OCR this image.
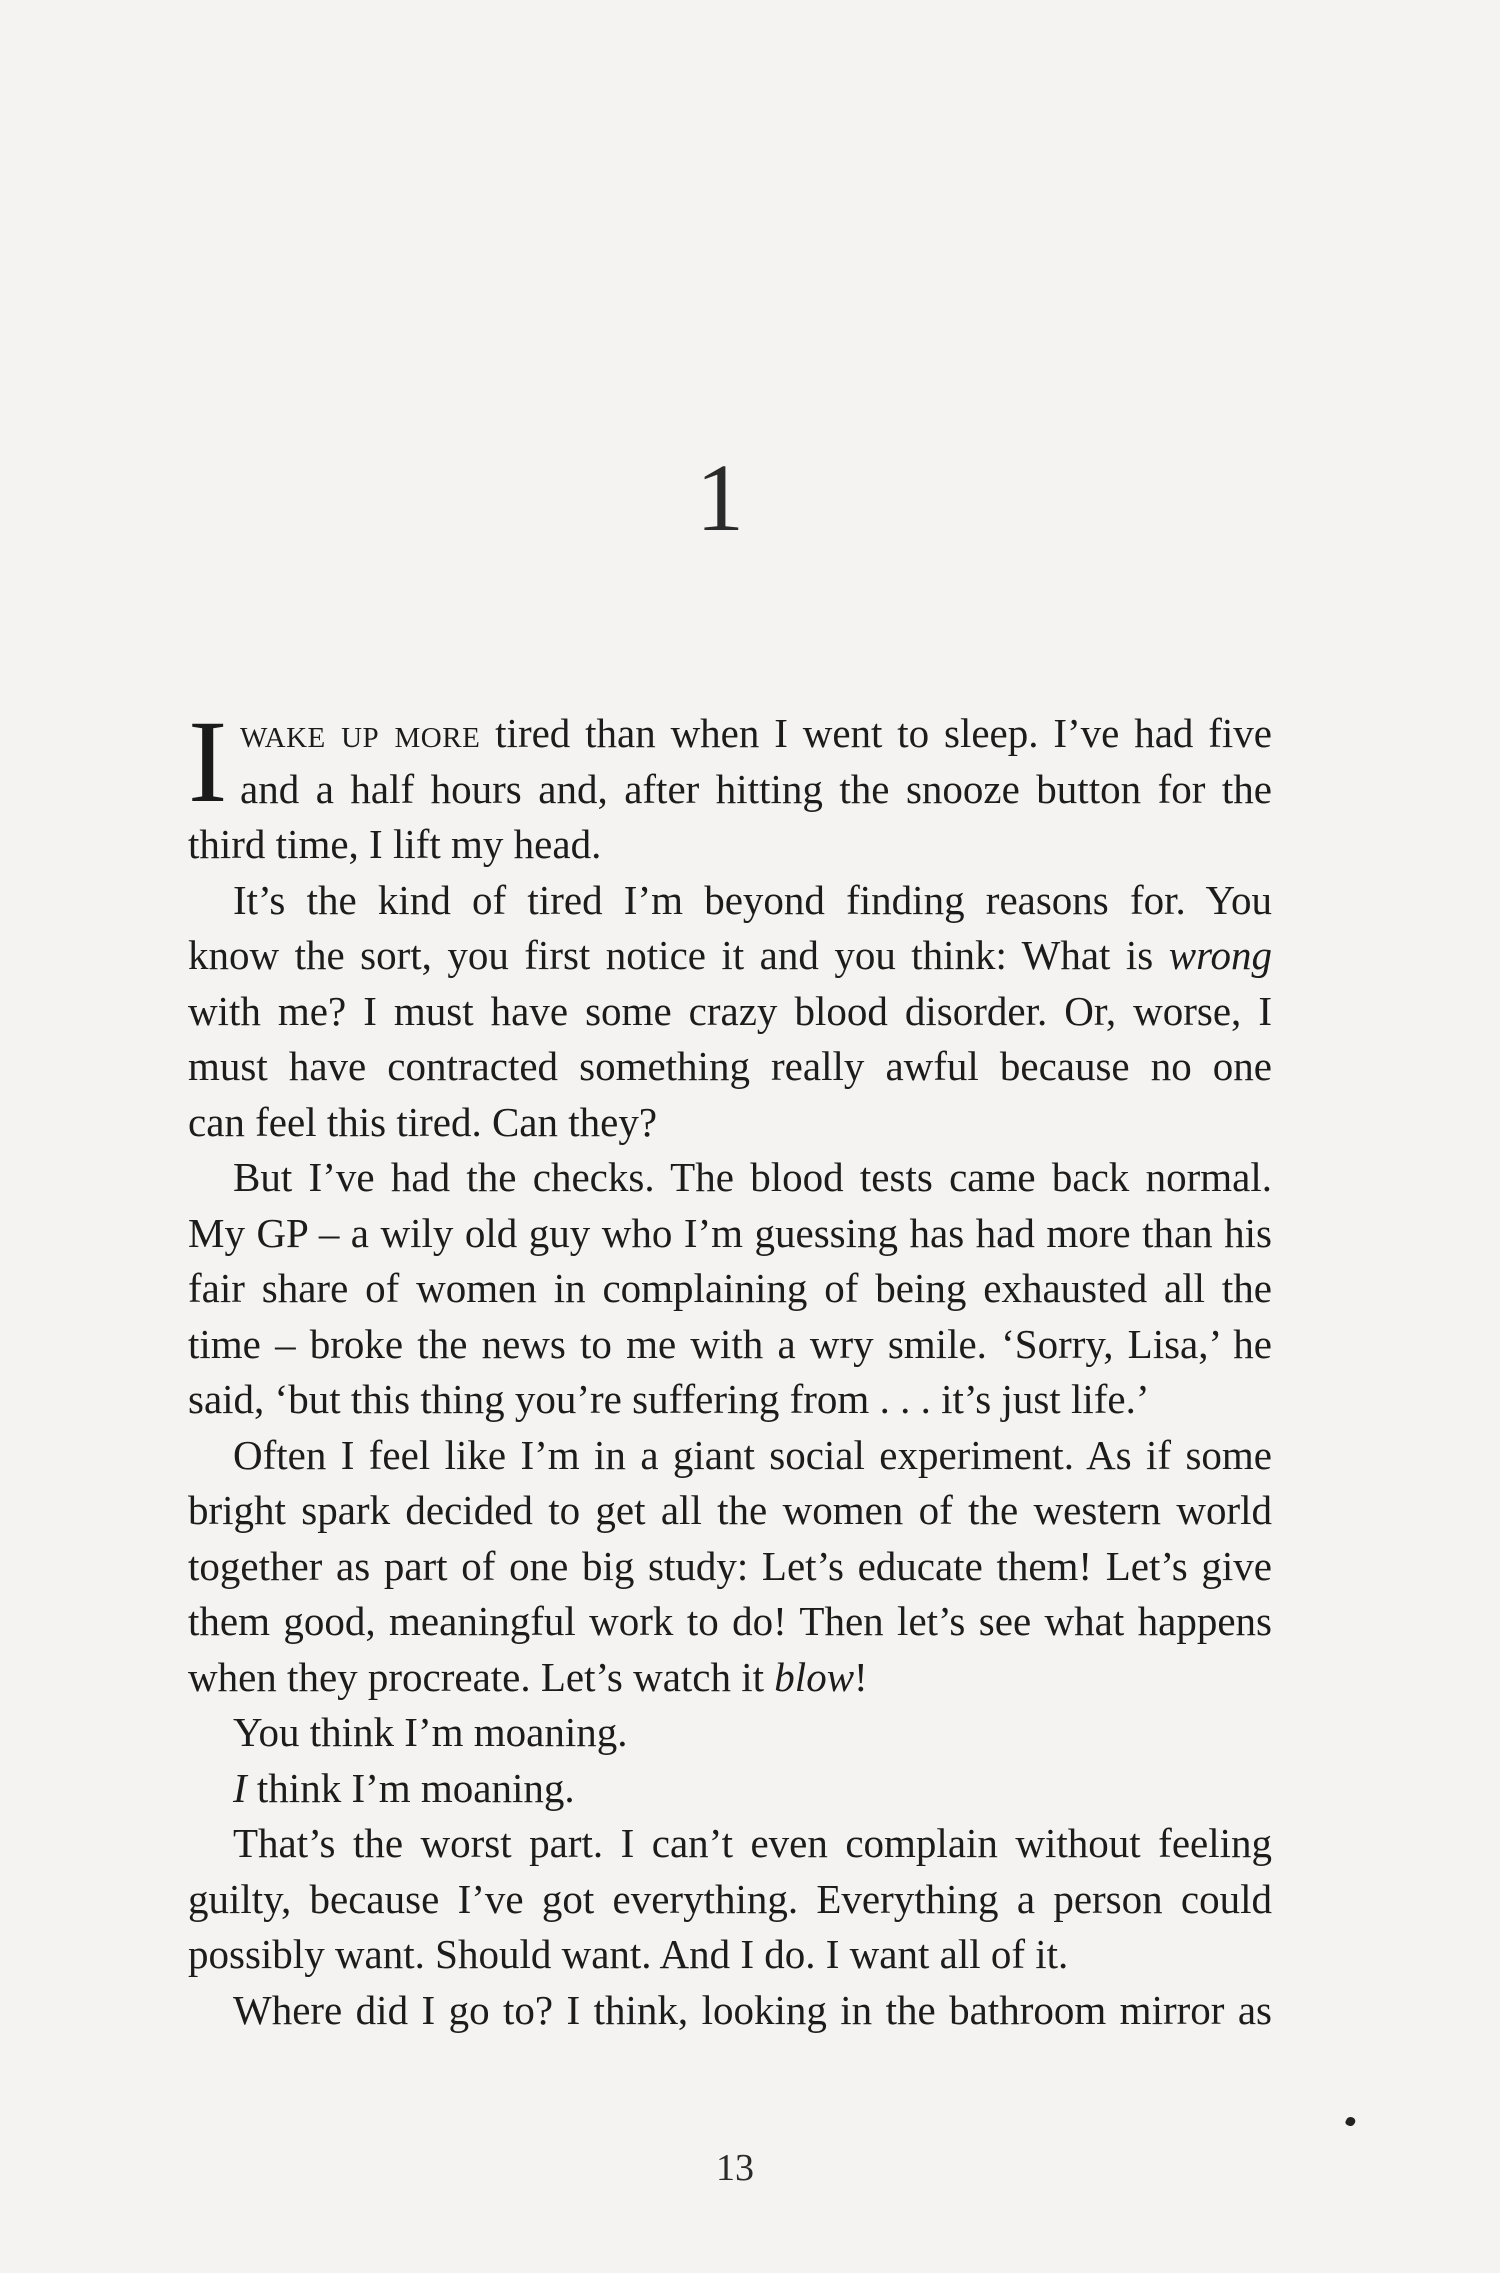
1
I wake up more tired than when I went to sleep. I’ve had five
and a half hours and, after hitting the snooze button for the
third time, I lift my head.
It’s the kind of tired I’m beyond finding reasons for. You
know the sort, you first notice it and you think: What is wrong
with me? I must have some crazy blood disorder. Or, worse, I
must have contracted something really awful because no one
can feel this tired. Can they?
But I’ve had the checks. The blood tests came back normal.
My GP – a wily old guy who I’m guessing has had more than his
fair share of women in complaining of being exhausted all the
time – broke the news to me with a wry smile. ‘Sorry, Lisa,’ he
said, ‘but this thing you’re suffering from . . . it’s just life.’
Often I feel like I’m in a giant social experiment. As if some
bright spark decided to get all the women of the western world
together as part of one big study: Let’s educate them! Let’s give
them good, meaningful work to do! Then let’s see what happens
when they procreate. Let’s watch it blow!
You think I’m moaning.
I think I’m moaning.
That’s the worst part. I can’t even complain without feeling
guilty, because I’ve got everything. Everything a person could
possibly want. Should want. And I do. I want all of it.
Where did I go to? I think, looking in the bathroom mirror as
13
